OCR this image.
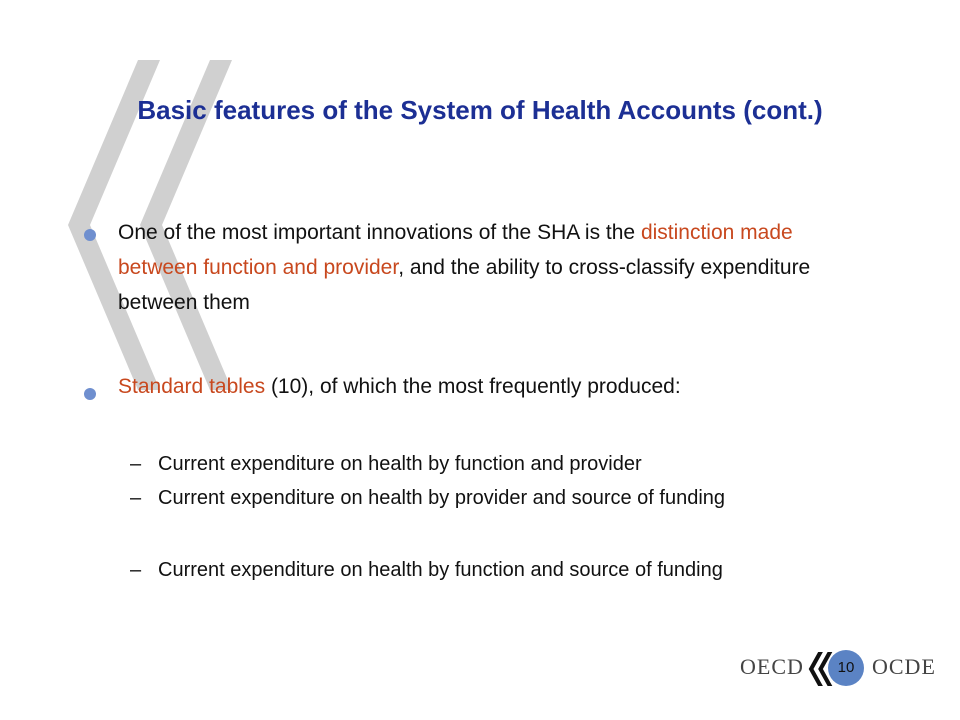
Basic features of the System of Health Accounts (cont.)
One of the most important innovations of the SHA is the distinction made between function and provider, and the ability to cross-classify expenditure between them
Standard tables (10), of which the most frequently produced:
– Current expenditure on health by function and provider
– Current expenditure on health by provider and source of funding
– Current expenditure on health by function and source of funding
OECD	10 OCDE
